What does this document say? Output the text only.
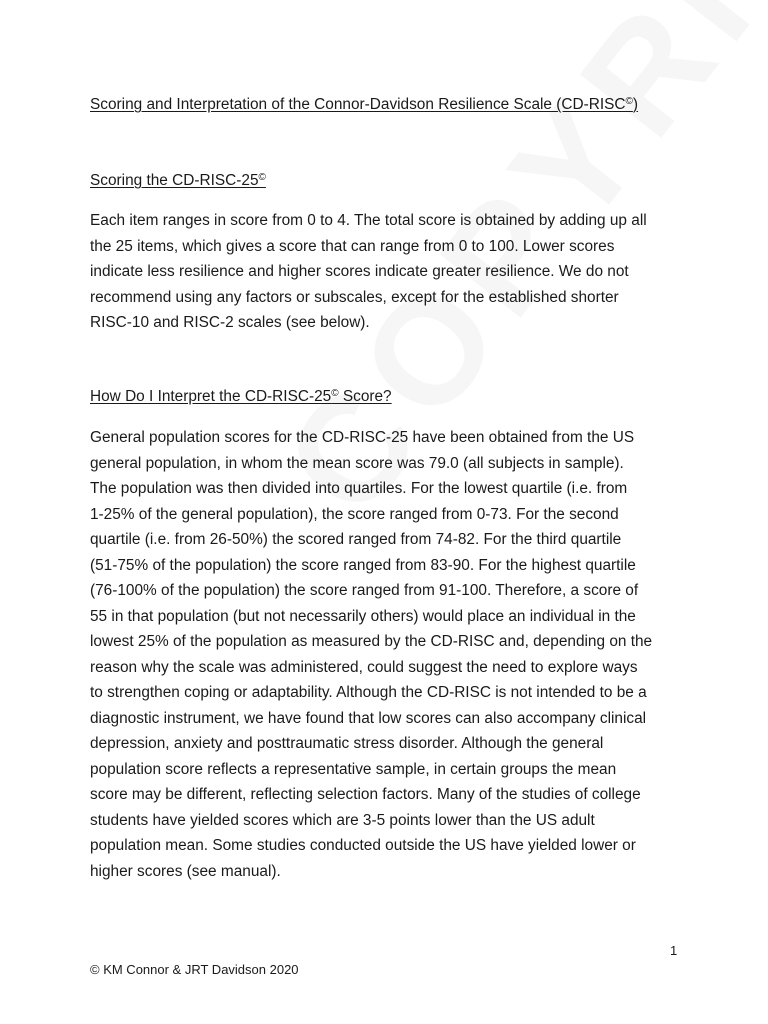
Scoring and Interpretation of the Connor-Davidson Resilience Scale (CD-RISC©)
Scoring the CD-RISC-25©
Each item ranges in score from 0 to 4. The total score is obtained by adding up all
the 25 items, which gives a score that can range from 0 to 100. Lower scores
indicate less resilience and higher scores indicate greater resilience. We do not
recommend using any factors or subscales, except for the established shorter
RISC-10 and RISC-2 scales (see below).
How Do I Interpret the CD-RISC-25© Score?
General population scores for the CD-RISC-25 have been obtained from the US
general population, in whom the mean score was 79.0 (all subjects in sample).
The population was then divided into quartiles. For the lowest quartile (i.e. from
1-25% of the general population), the score ranged from 0-73. For the second
quartile (i.e. from 26-50%) the scored ranged from 74-82. For the third quartile
(51-75% of the population) the score ranged from 83-90. For the highest quartile
(76-100% of the population) the score ranged from 91-100. Therefore, a score of
55 in that population (but not necessarily others) would place an individual in the
lowest 25% of the population as measured by the CD-RISC and, depending on the
reason why the scale was administered, could suggest the need to explore ways
to strengthen coping or adaptability. Although the CD-RISC is not intended to be a
diagnostic instrument, we have found that low scores can also accompany clinical
depression, anxiety and posttraumatic stress disorder. Although the general
population score reflects a representative sample, in certain groups the mean
score may be different, reflecting selection factors. Many of the studies of college
students have yielded scores which are 3-5 points lower than the US adult
population mean. Some studies conducted outside the US have yielded lower or
higher scores (see manual).
1
© KM Connor & JRT Davidson 2020
